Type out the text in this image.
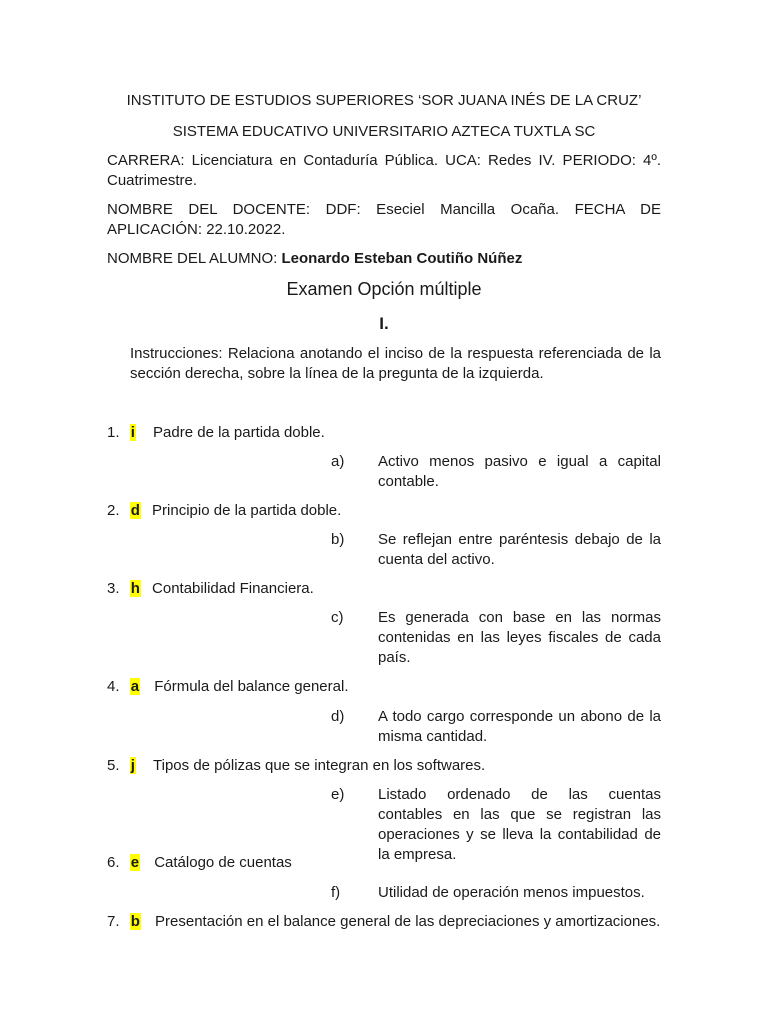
INSTITUTO DE ESTUDIOS SUPERIORES ‘SOR JUANA INÉS DE LA CRUZ’
SISTEMA EDUCATIVO UNIVERSITARIO AZTECA TUXTLA SC
CARRERA: Licenciatura en Contaduría Pública. UCA: Redes IV. PERIODO: 4º. Cuatrimestre.
NOMBRE DEL DOCENTE: DDF: Eseciel Mancilla Ocaña. FECHA DE APLICACIÓN: 22.10.2022.
NOMBRE DEL ALUMNO: Leonardo Esteban Coutiño Núñez
Examen Opción múltiple
I.
Instrucciones: Relaciona anotando el inciso de la respuesta referenciada de la sección derecha, sobre la línea de la pregunta de la izquierda.
1. i Padre de la partida doble.
2. d Principio de la partida doble.
3. h Contabilidad Financiera.
4. a Fórmula del balance general.
5. j Tipos de pólizas que se integran en los softwares.
6. e Catálogo de cuentas
7. b Presentación en el balance general de las depreciaciones y amortizaciones.
a) Activo menos pasivo e igual a capital contable.
b) Se reflejan entre paréntesis debajo de la cuenta del activo.
c) Es generada con base en las normas contenidas en las leyes fiscales de cada país.
d) A todo cargo corresponde un abono de la misma cantidad.
e) Listado ordenado de las cuentas contables en las que se registran las operaciones y se lleva la contabilidad de la empresa.
f)	Utilidad de operación menos impuestos.
